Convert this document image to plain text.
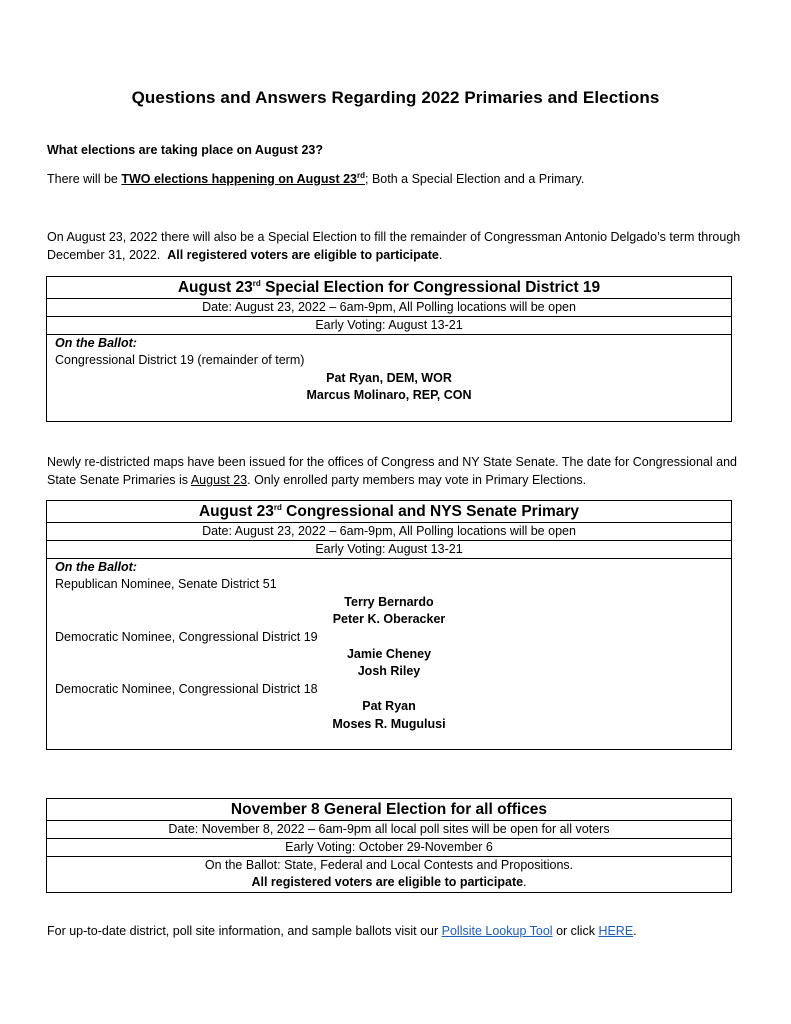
Questions and Answers Regarding 2022 Primaries and Elections
What elections are taking place on August 23?
There will be TWO elections happening on August 23rd; Both a Special Election and a Primary.
On August 23, 2022 there will also be a Special Election to fill the remainder of Congressman Antonio Delgado’s term through December 31, 2022. All registered voters are eligible to participate.
August 23rd Special Election for Congressional District 19
Date: August 23, 2022 – 6am-9pm, All Polling locations will be open
Early Voting: August 13-21
On the Ballot:
Congressional District 19 (remainder of term)
Pat Ryan, DEM, WOR
Marcus Molinaro, REP, CON
Newly re-districted maps have been issued for the offices of Congress and NY State Senate. The date for Congressional and State Senate Primaries is August 23. Only enrolled party members may vote in Primary Elections.
August 23rd Congressional and NYS Senate Primary
Date: August 23, 2022 – 6am-9pm, All Polling locations will be open
Early Voting: August 13-21
On the Ballot:
Republican Nominee, Senate District 51
Terry Bernardo
Peter K. Oberacker
Democratic Nominee, Congressional District 19
Jamie Cheney
Josh Riley
Democratic Nominee, Congressional District 18
Pat Ryan
Moses R. Mugulusi
November 8 General Election for all offices
Date: November 8, 2022 – 6am-9pm all local poll sites will be open for all voters
Early Voting: October 29-November 6
On the Ballot: State, Federal and Local Contests and Propositions.
All registered voters are eligible to participate.
For up-to-date district, poll site information, and sample ballots visit our Pollsite Lookup Tool or click HERE.
